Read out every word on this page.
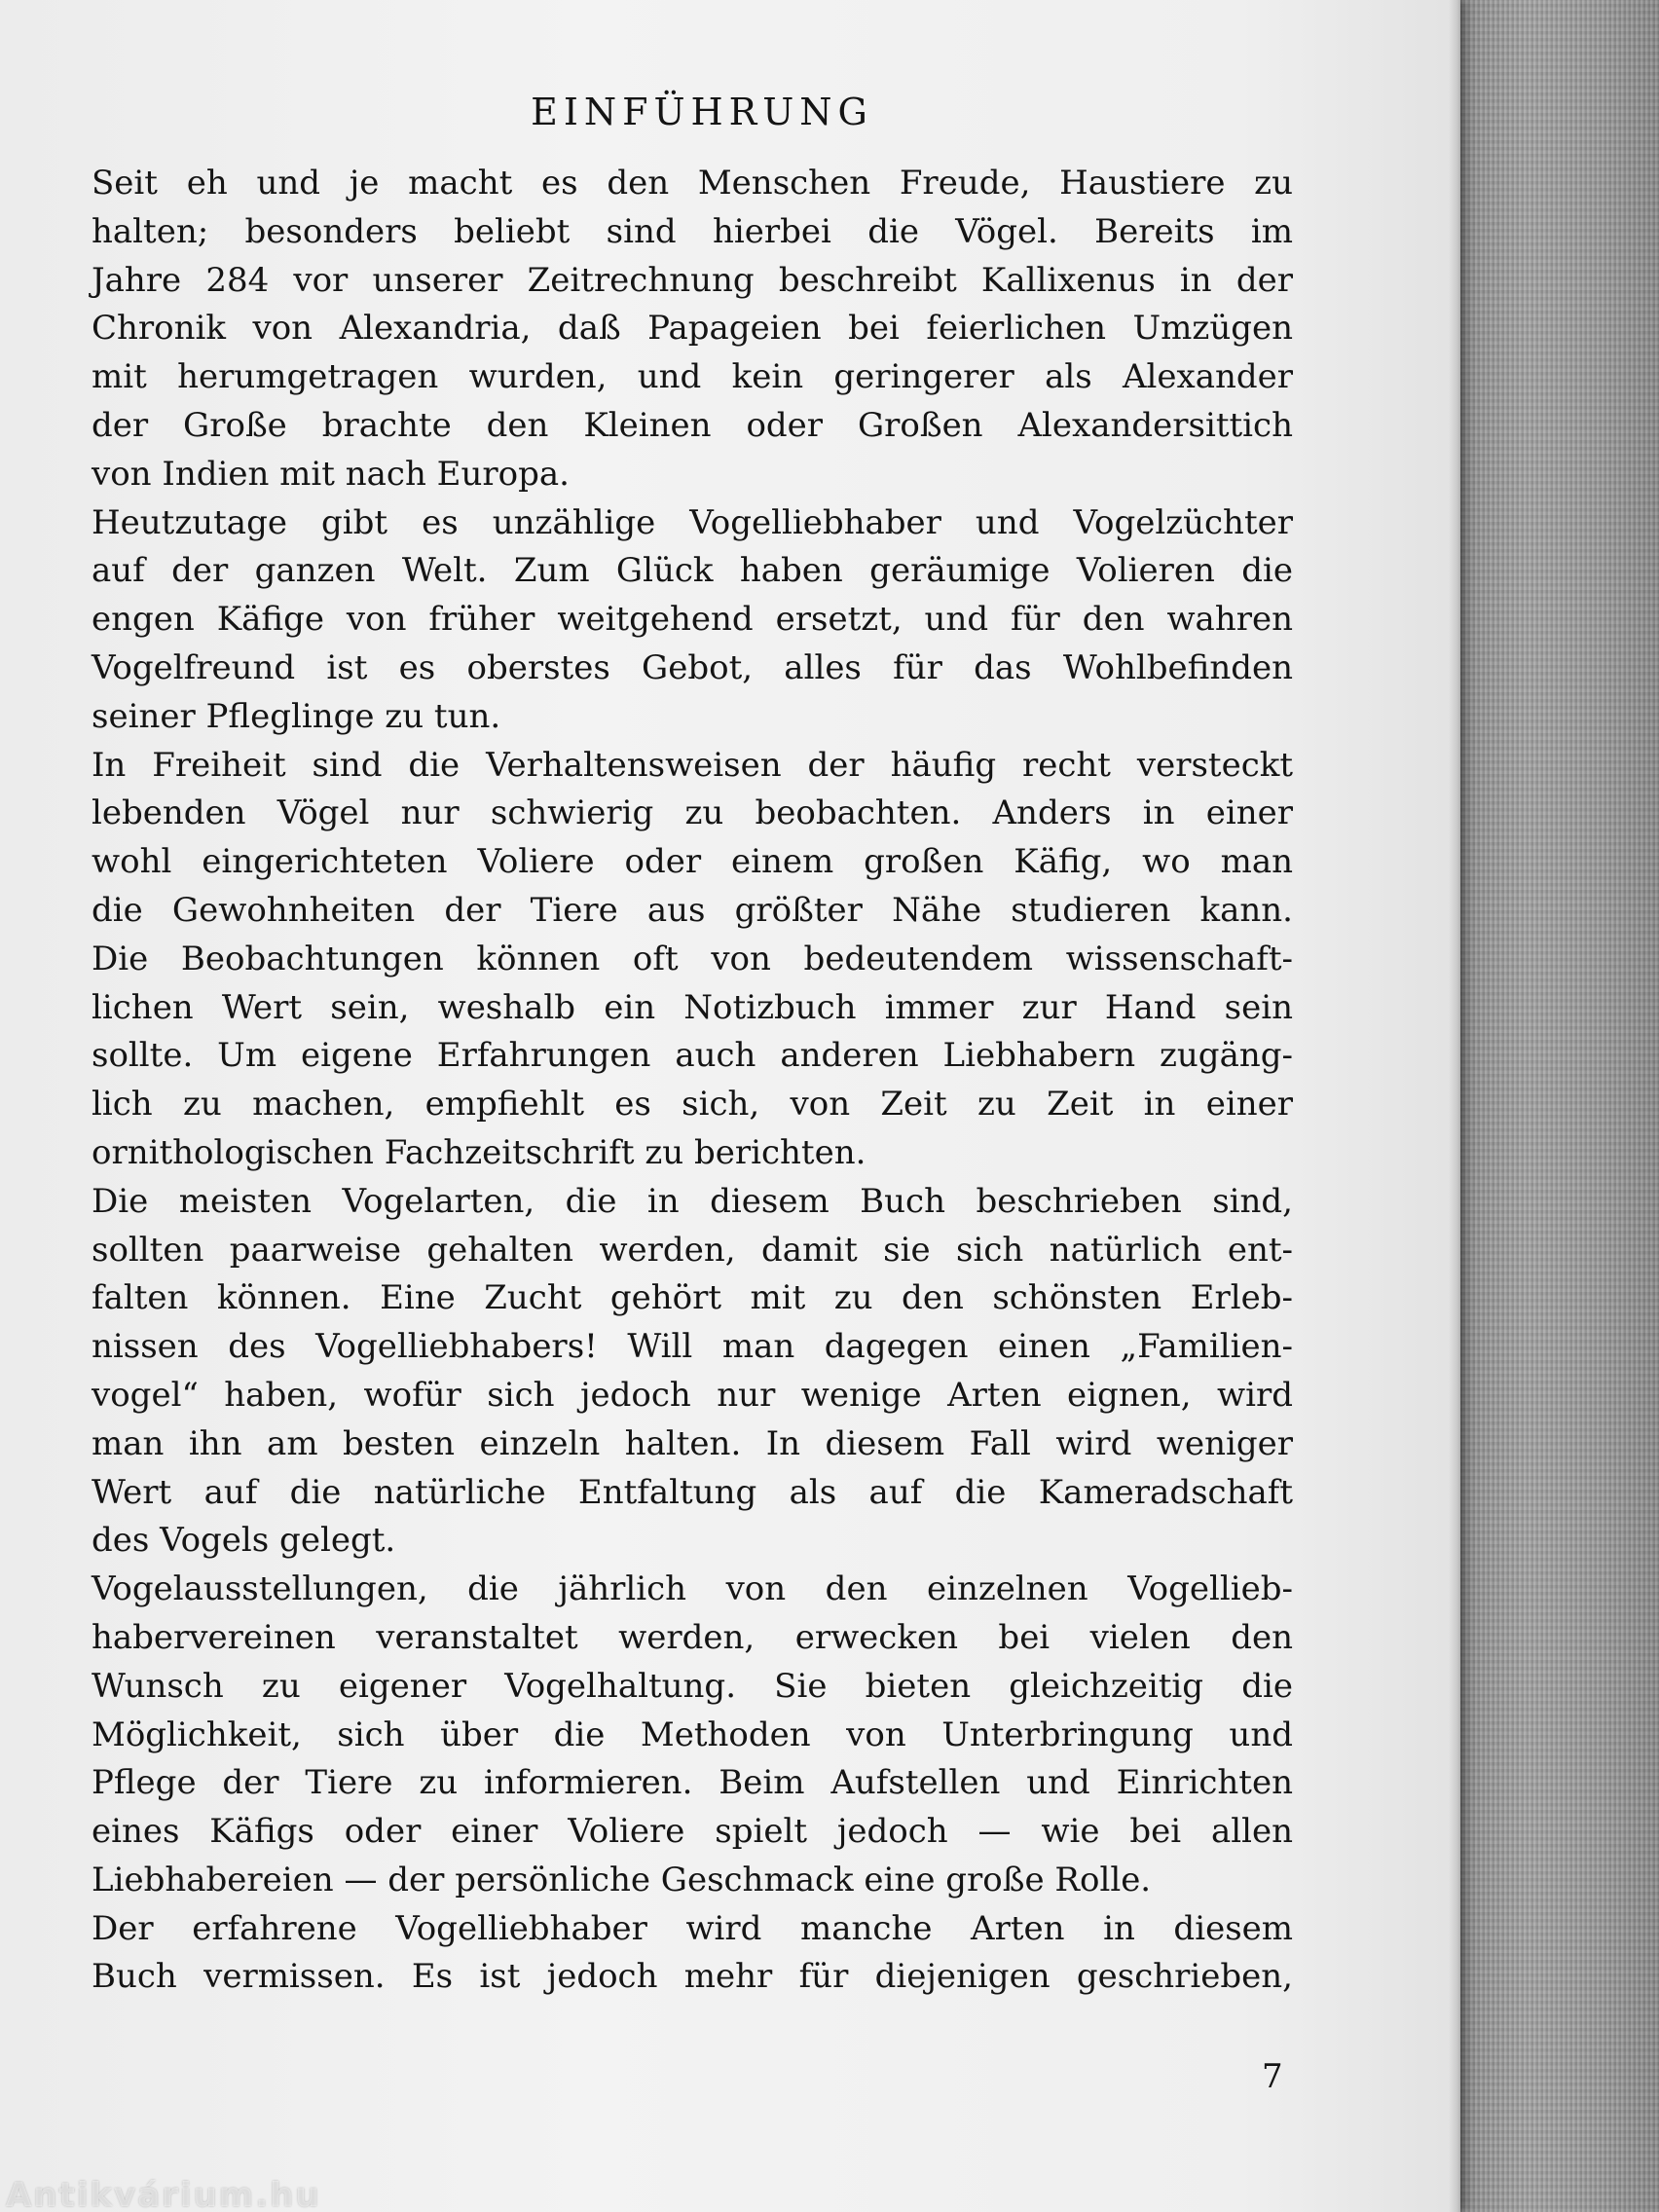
EINFÜHRUNG
Seit eh und je macht es den Menschen Freude, Haustiere zu
halten; besonders beliebt sind hierbei die Vögel. Bereits im
Jahre 284 vor unserer Zeitrechnung beschreibt Kallixenus in der
Chronik von Alexandria, daß Papageien bei feierlichen Umzügen
mit herumgetragen wurden, und kein geringerer als Alexander
der Große brachte den Kleinen oder Großen Alexandersittich
von Indien mit nach Europa.
Heutzutage gibt es unzählige Vogelliebhaber und Vogelzüchter
auf der ganzen Welt. Zum Glück haben geräumige Volieren die
engen Käfige von früher weitgehend ersetzt, und für den wahren
Vogelfreund ist es oberstes Gebot, alles für das Wohlbefinden
seiner Pfleglinge zu tun.
In Freiheit sind die Verhaltensweisen der häufig recht versteckt
lebenden Vögel nur schwierig zu beobachten. Anders in einer
wohl eingerichteten Voliere oder einem großen Käfig, wo man
die Gewohnheiten der Tiere aus größter Nähe studieren kann.
Die Beobachtungen können oft von bedeutendem wissenschaft-
lichen Wert sein, weshalb ein Notizbuch immer zur Hand sein
sollte. Um eigene Erfahrungen auch anderen Liebhabern zugäng-
lich zu machen, empfiehlt es sich, von Zeit zu Zeit in einer
ornithologischen Fachzeitschrift zu berichten.
Die meisten Vogelarten, die in diesem Buch beschrieben sind,
sollten paarweise gehalten werden, damit sie sich natürlich ent-
falten können. Eine Zucht gehört mit zu den schönsten Erleb-
nissen des Vogelliebhabers! Will man dagegen einen „Familien-
vogel“ haben, wofür sich jedoch nur wenige Arten eignen, wird
man ihn am besten einzeln halten. In diesem Fall wird weniger
Wert auf die natürliche Entfaltung als auf die Kameradschaft
des Vogels gelegt.
Vogelausstellungen, die jährlich von den einzelnen Vogellieb-
habervereinen veranstaltet werden, erwecken bei vielen den
Wunsch zu eigener Vogelhaltung. Sie bieten gleichzeitig die
Möglichkeit, sich über die Methoden von Unterbringung und
Pflege der Tiere zu informieren. Beim Aufstellen und Einrichten
eines Käfigs oder einer Voliere spielt jedoch — wie bei allen
Liebhabereien — der persönliche Geschmack eine große Rolle.
Der erfahrene Vogelliebhaber wird manche Arten in diesem
Buch vermissen. Es ist jedoch mehr für diejenigen geschrieben,
7
Antikvárium.hu
